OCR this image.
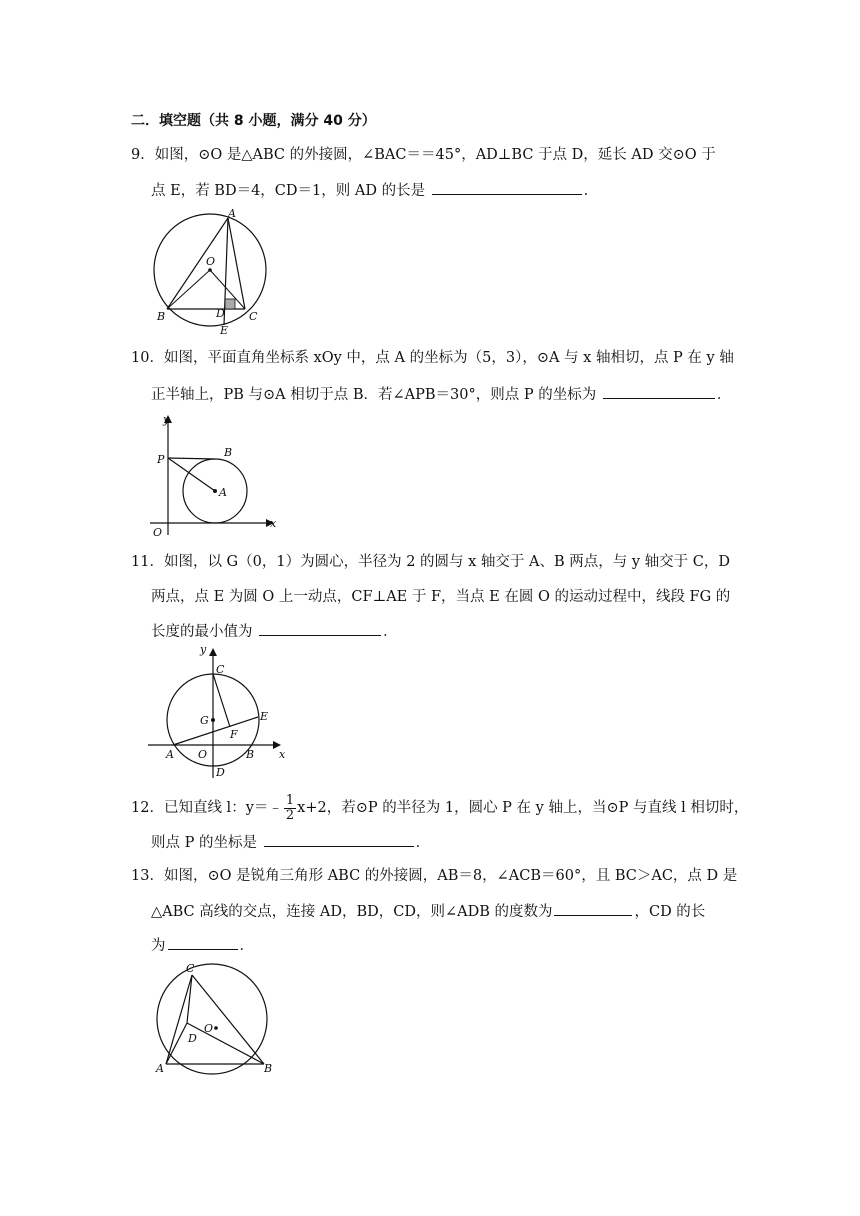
二．填空题（共 8 小题，满分 40 分）
9．如图，⊙O 是△ABC 的外接圆，∠BAC＝＝45°，AD⊥BC 于点 D，延长 AD 交⊙O 于
点 E，若 BD＝4，CD＝1，则 AD 的长是	．
A
O
B	D
E
C
10．如图，平面直角坐标系 xOy 中，点 A 的坐标为（5，3），⊙A 与 x 轴相切，点 P 在 y 轴
正半轴上，PB 与⊙A 相切于点 B．若∠APB＝30°，则点 P 的坐标为	．
y
P
B
A
O
x
11．如图，以 G（0，1）为圆心，半径为 2 的圆与 x 轴交于 A、B 两点，与 y 轴交于 C，D
两点，点 E 为圆 O 上一动点，CF⊥AE 于 F，当点 E 在圆 O 的运动过程中，线段 FG 的
长度的最小值为	．
y
C
G	E
F
A O	B x
D
12．已知直线 l：y＝﹣ $\frac{1}{2} x+2$，若⊙P 的半径为 1，圆心 P 在 y 轴上，当⊙P 与直线 l 相切时，
则点 P 的坐标是	．
13．如图，⊙O 是锐角三角形 ABC 的外接圆，AB＝8，∠ACB＝60°，且 BC＞AC，点 D 是
△ABC 高线的交点，连接 AD，BD，CD，则∠ADB 的度数为	，CD 的长
为	．
C
O
D
A	B
